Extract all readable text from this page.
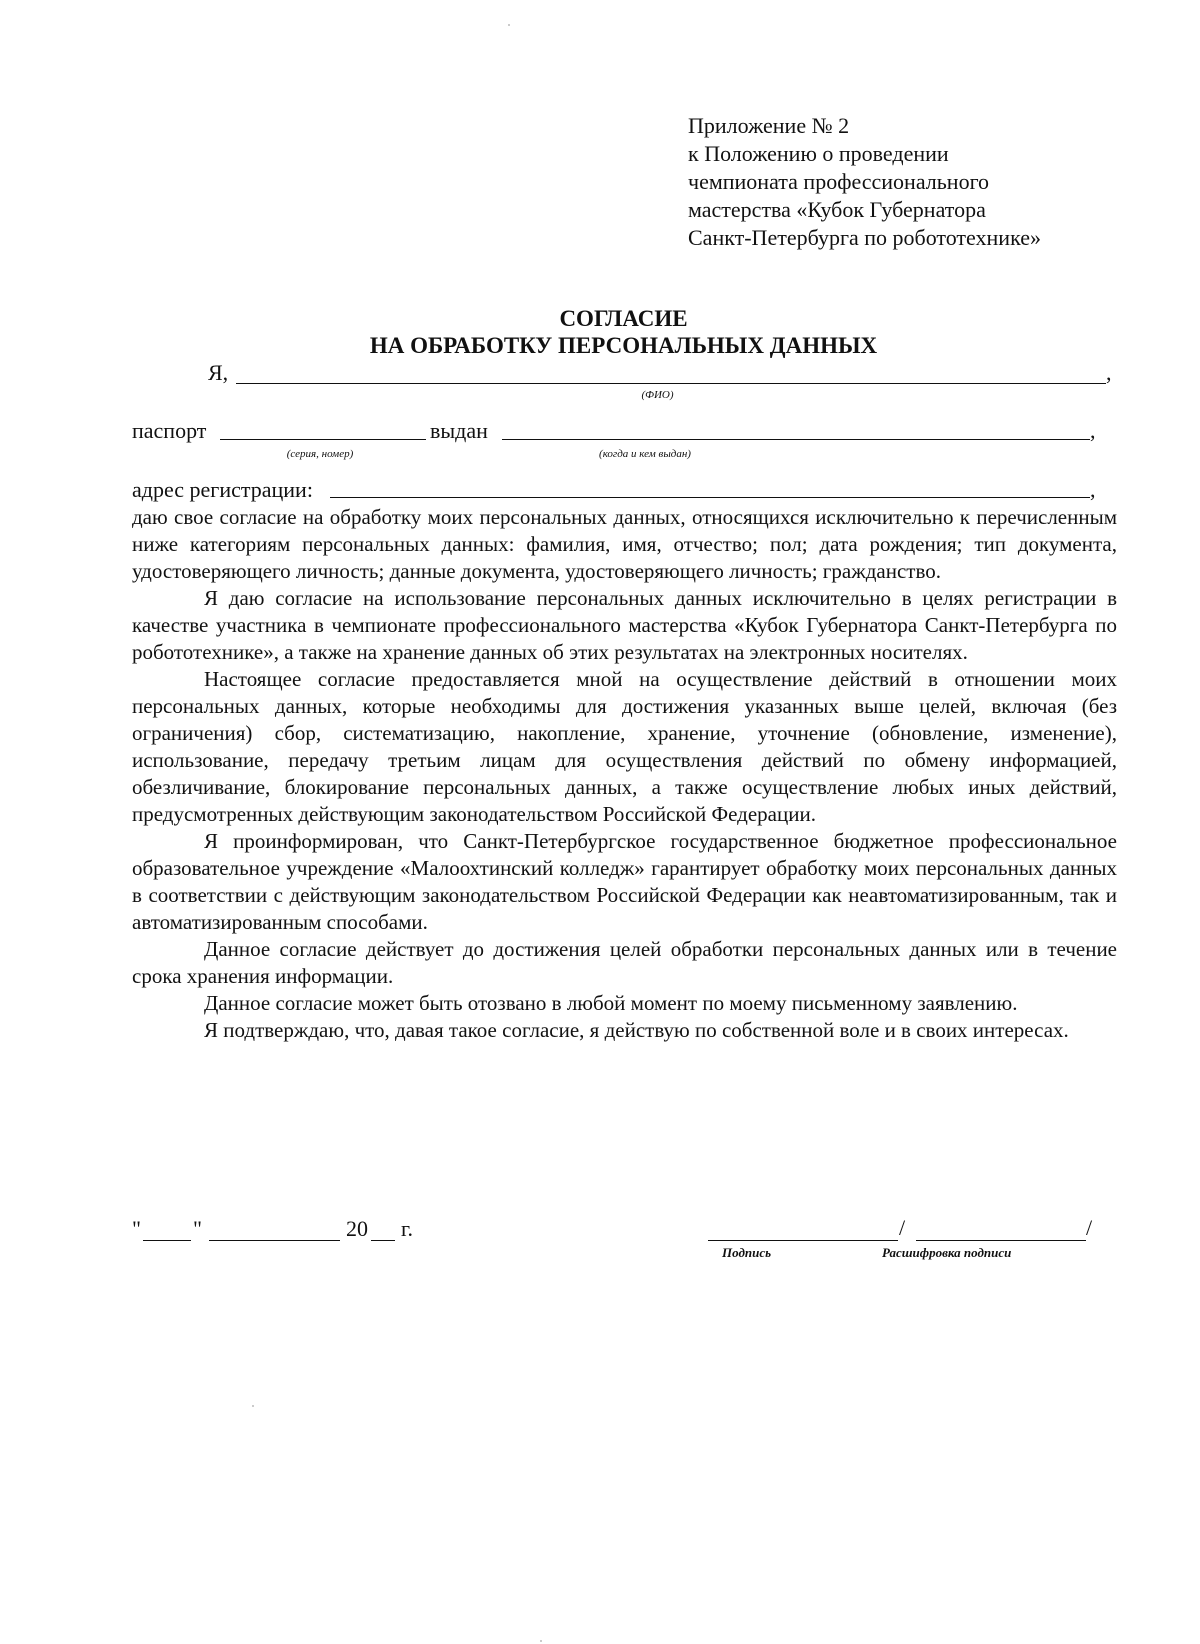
Приложение № 2
к Положению о проведении
чемпионата профессионального
мастерства «Кубок Губернатора
Санкт-Петербурга по робототехнике»
СОГЛАСИЕ
НА ОБРАБОТКУ ПЕРСОНАЛЬНЫХ ДАННЫХ
Я,	,
(ФИО)
паспорт
(серия, номер)
выдан	,
(когда и кем выдан)
адрес регистрации:	,

даю свое согласие на обработку моих персональных данных, относящихся исключительно к перечисленным ниже категориям персональных данных: фамилия, имя, отчество; пол; дата рождения; тип документа, удостоверяющего личность; данные документа, удостоверяющего личность; гражданство.

Я даю согласие на использование персональных данных исключительно в целях регистрации в качестве участника в чемпионате профессионального мастерства «Кубок Губернатора Санкт-Петербурга по робототехнике», а также на хранение данных об этих результатах на электронных носителях.

Настоящее согласие предоставляется мной на осуществление действий в отношении моих персональных данных, которые необходимы для достижения указанных выше целей, включая (без ограничения) сбор, систематизацию, накопление, хранение, уточнение (обновление, изменение), использование, передачу третьим лицам для осуществления действий по обмену информацией, обезличивание, блокирование персональных данных, а также осуществление любых иных действий, предусмотренных действующим законодательством Российской Федерации.

Я проинформирован, что Санкт-Петербургское государственное бюджетное профессиональное образовательное учреждение «Малоохтинский колледж» гарантирует обработку моих персональных данных в соответствии с действующим законодательством Российской Федерации как неавтоматизированным, так и автоматизированным способами.

Данное согласие действует до достижения целей обработки персональных данных или в течение срока хранения информации.

Данное согласие может быть отозвано в любой момент по моему письменному заявлению.

Я подтверждаю, что, давая такое согласие, я действую по собственной воле и в своих интересах.

" "	20 г.	/	/
Подпись	Расшифровка подписи
